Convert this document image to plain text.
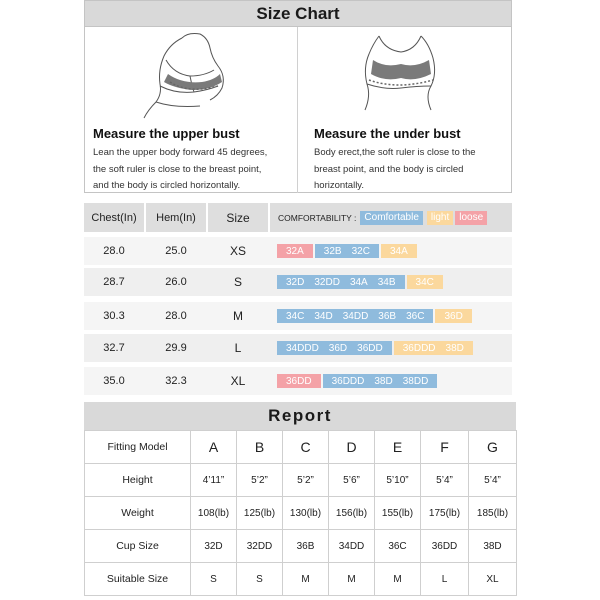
Size Chart
Measure the upper bust
Lean the upper body forward 45 degrees,
the soft ruler is close to the breast point,
and the body is circled horizontally.
Measure the under bust
Body erect,the soft ruler is close to the
breast point, and the body is circled
horizontally.
Chest(In)	Hem(In)	Size	COMFORTABILITY : Comfortable	light	loose
28.0	25.0	XS	32A	32B	32C	34A
28.7	26.0	S	32D	32DD	34A	34B	34C
30.3	28.0	M	34C	34D	34DD	36B	36C	36D
32.7	29.9	L	34DDD	36D	36DD	36DDD	38D
35.0	32.3	XL	36DD	36DDD	38D	38DD
Report
Fitting Model	A	B	C	D	E	F	G
Height	4’11”	5’2”	5’2”	5’6”	5’10”	5’4”	5’4”
Weight	108(lb)	125(lb)	130(lb)	156(lb)	155(lb)	175(lb)	185(lb)
Cup Size	32D	32DD	36B	34DD	36C	36DD	38D
Suitable Size	S	S	M	M	M	L	XL
